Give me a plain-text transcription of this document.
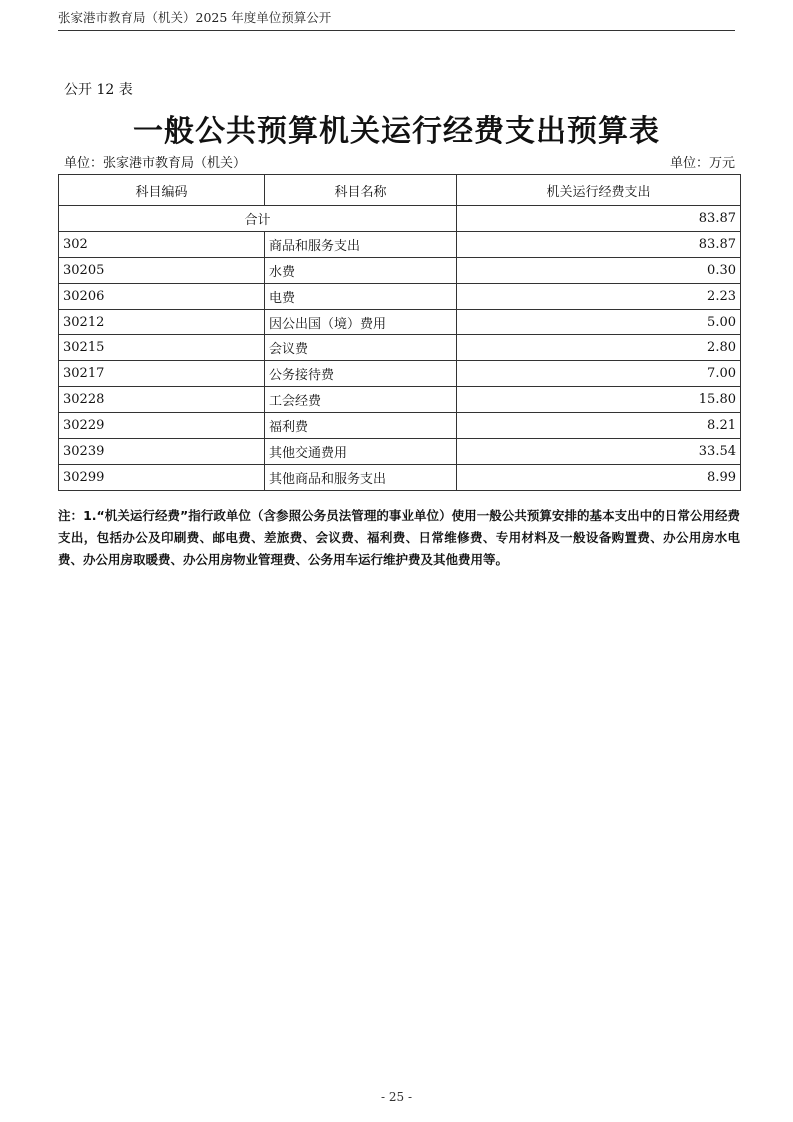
张家港市教育局（机关）2025 年度单位预算公开
公开 12 表
一般公共预算机关运行经费支出预算表
单位：张家港市教育局（机关）	单位：万元
科目编码	科目名称	机关运行经费支出
合计		83.87
302	商品和服务支出	83.87
30205	水费	0.30
30206	电费	2.23
30212	因公出国（境）费用	5.00
30215	会议费	2.80
30217	公务接待费	7.00
30228	工会经费	15.80
30229	福利费	8.21
30239	其他交通费用	33.54
30299	其他商品和服务支出	8.99
注：1.“机关运行经费”指行政单位（含参照公务员法管理的事业单位）使用一般公共预算安排的基本支出中的日常公用经费支出，包括办公及印刷费、邮电费、差旅费、会议费、福利费、日常维修费、专用材料及一般设备购置费、办公用房水电费、办公用房取暖费、办公用房物业管理费、公务用车运行维护费及其他费用等。
- 25 -
